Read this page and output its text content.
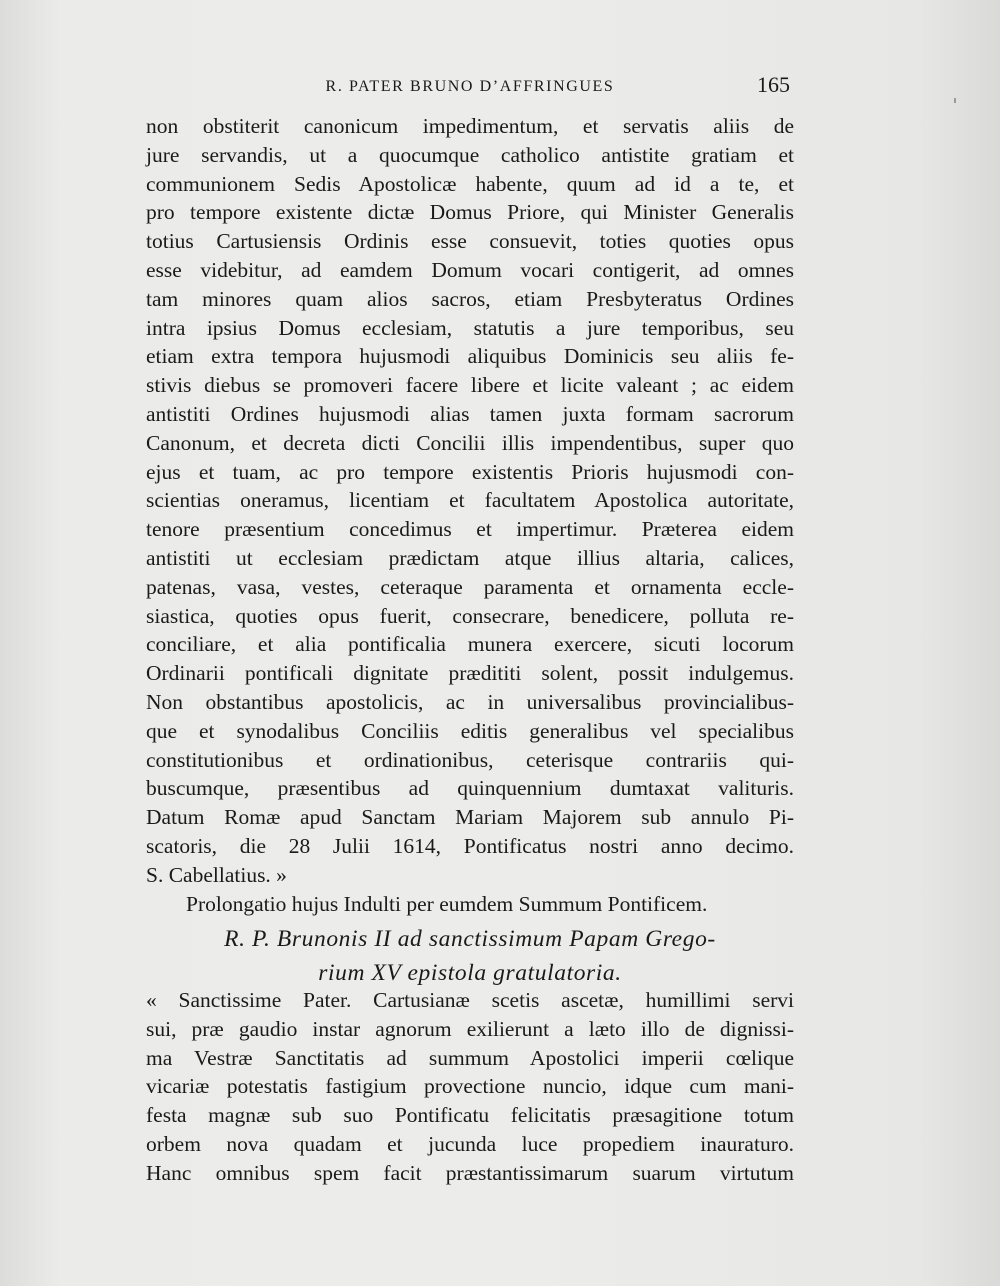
R. PATER BRUNO D’AFFRINGUES	165
non obstiterit canonicum impedimentum, et servatis aliis de
jure servandis, ut a quocumque catholico antistite gratiam et
communionem Sedis Apostolicæ habente, quum ad id a te, et
pro tempore existente dictæ Domus Priore, qui Minister Generalis
totius Cartusiensis Ordinis esse consuevit, toties quoties opus
esse videbitur, ad eamdem Domum vocari contigerit, ad omnes
tam minores quam alios sacros, etiam Presbyteratus Ordines
intra ipsius Domus ecclesiam, statutis a jure temporibus, seu
etiam extra tempora hujusmodi aliquibus Dominicis seu aliis fe-
stivis diebus se promoveri facere libere et licite valeant ; ac eidem
antistiti Ordines hujusmodi alias tamen juxta formam sacrorum
Canonum, et decreta dicti Concilii illis impendentibus, super quo
ejus et tuam, ac pro tempore existentis Prioris hujusmodi con-
scientias oneramus, licentiam et facultatem Apostolica autoritate,
tenore præsentium concedimus et impertimur. Præterea eidem
antistiti ut ecclesiam prædictam atque illius altaria, calices,
patenas, vasa, vestes, ceteraque paramenta et ornamenta eccle-
siastica, quoties opus fuerit, consecrare, benedicere, polluta re-
conciliare, et alia pontificalia munera exercere, sicuti locorum
Ordinarii pontificali dignitate prædititi solent, possit indulgemus.
Non obstantibus apostolicis, ac in universalibus provincialibus-
que et synodalibus Conciliis editis generalibus vel specialibus
constitutionibus et ordinationibus, ceterisque contrariis qui-
buscumque, præsentibus ad quinquennium dumtaxat valituris.
Datum Romæ apud Sanctam Mariam Majorem sub annulo Pi-
scatoris, die 28 Julii 1614, Pontificatus nostri anno decimo.
S. Cabellatius. »
Prolongatio hujus Indulti per eumdem Summum Pontificem.
R. P. Brunonis II ad sanctissimum Papam Grego-
rium XV epistola gratulatoria.
« Sanctissime Pater. Cartusianæ scetis ascetæ, humillimi servi
sui, præ gaudio instar agnorum exilierunt a læto illo de dignissi-
ma Vestræ Sanctitatis ad summum Apostolici imperii cœlique
vicariæ potestatis fastigium provectione nuncio, idque cum mani-
festa magnæ sub suo Pontificatu felicitatis præsagitione totum
orbem nova quadam et jucunda luce propediem inauraturo.
Hanc omnibus spem facit præstantissimarum suarum virtutum
